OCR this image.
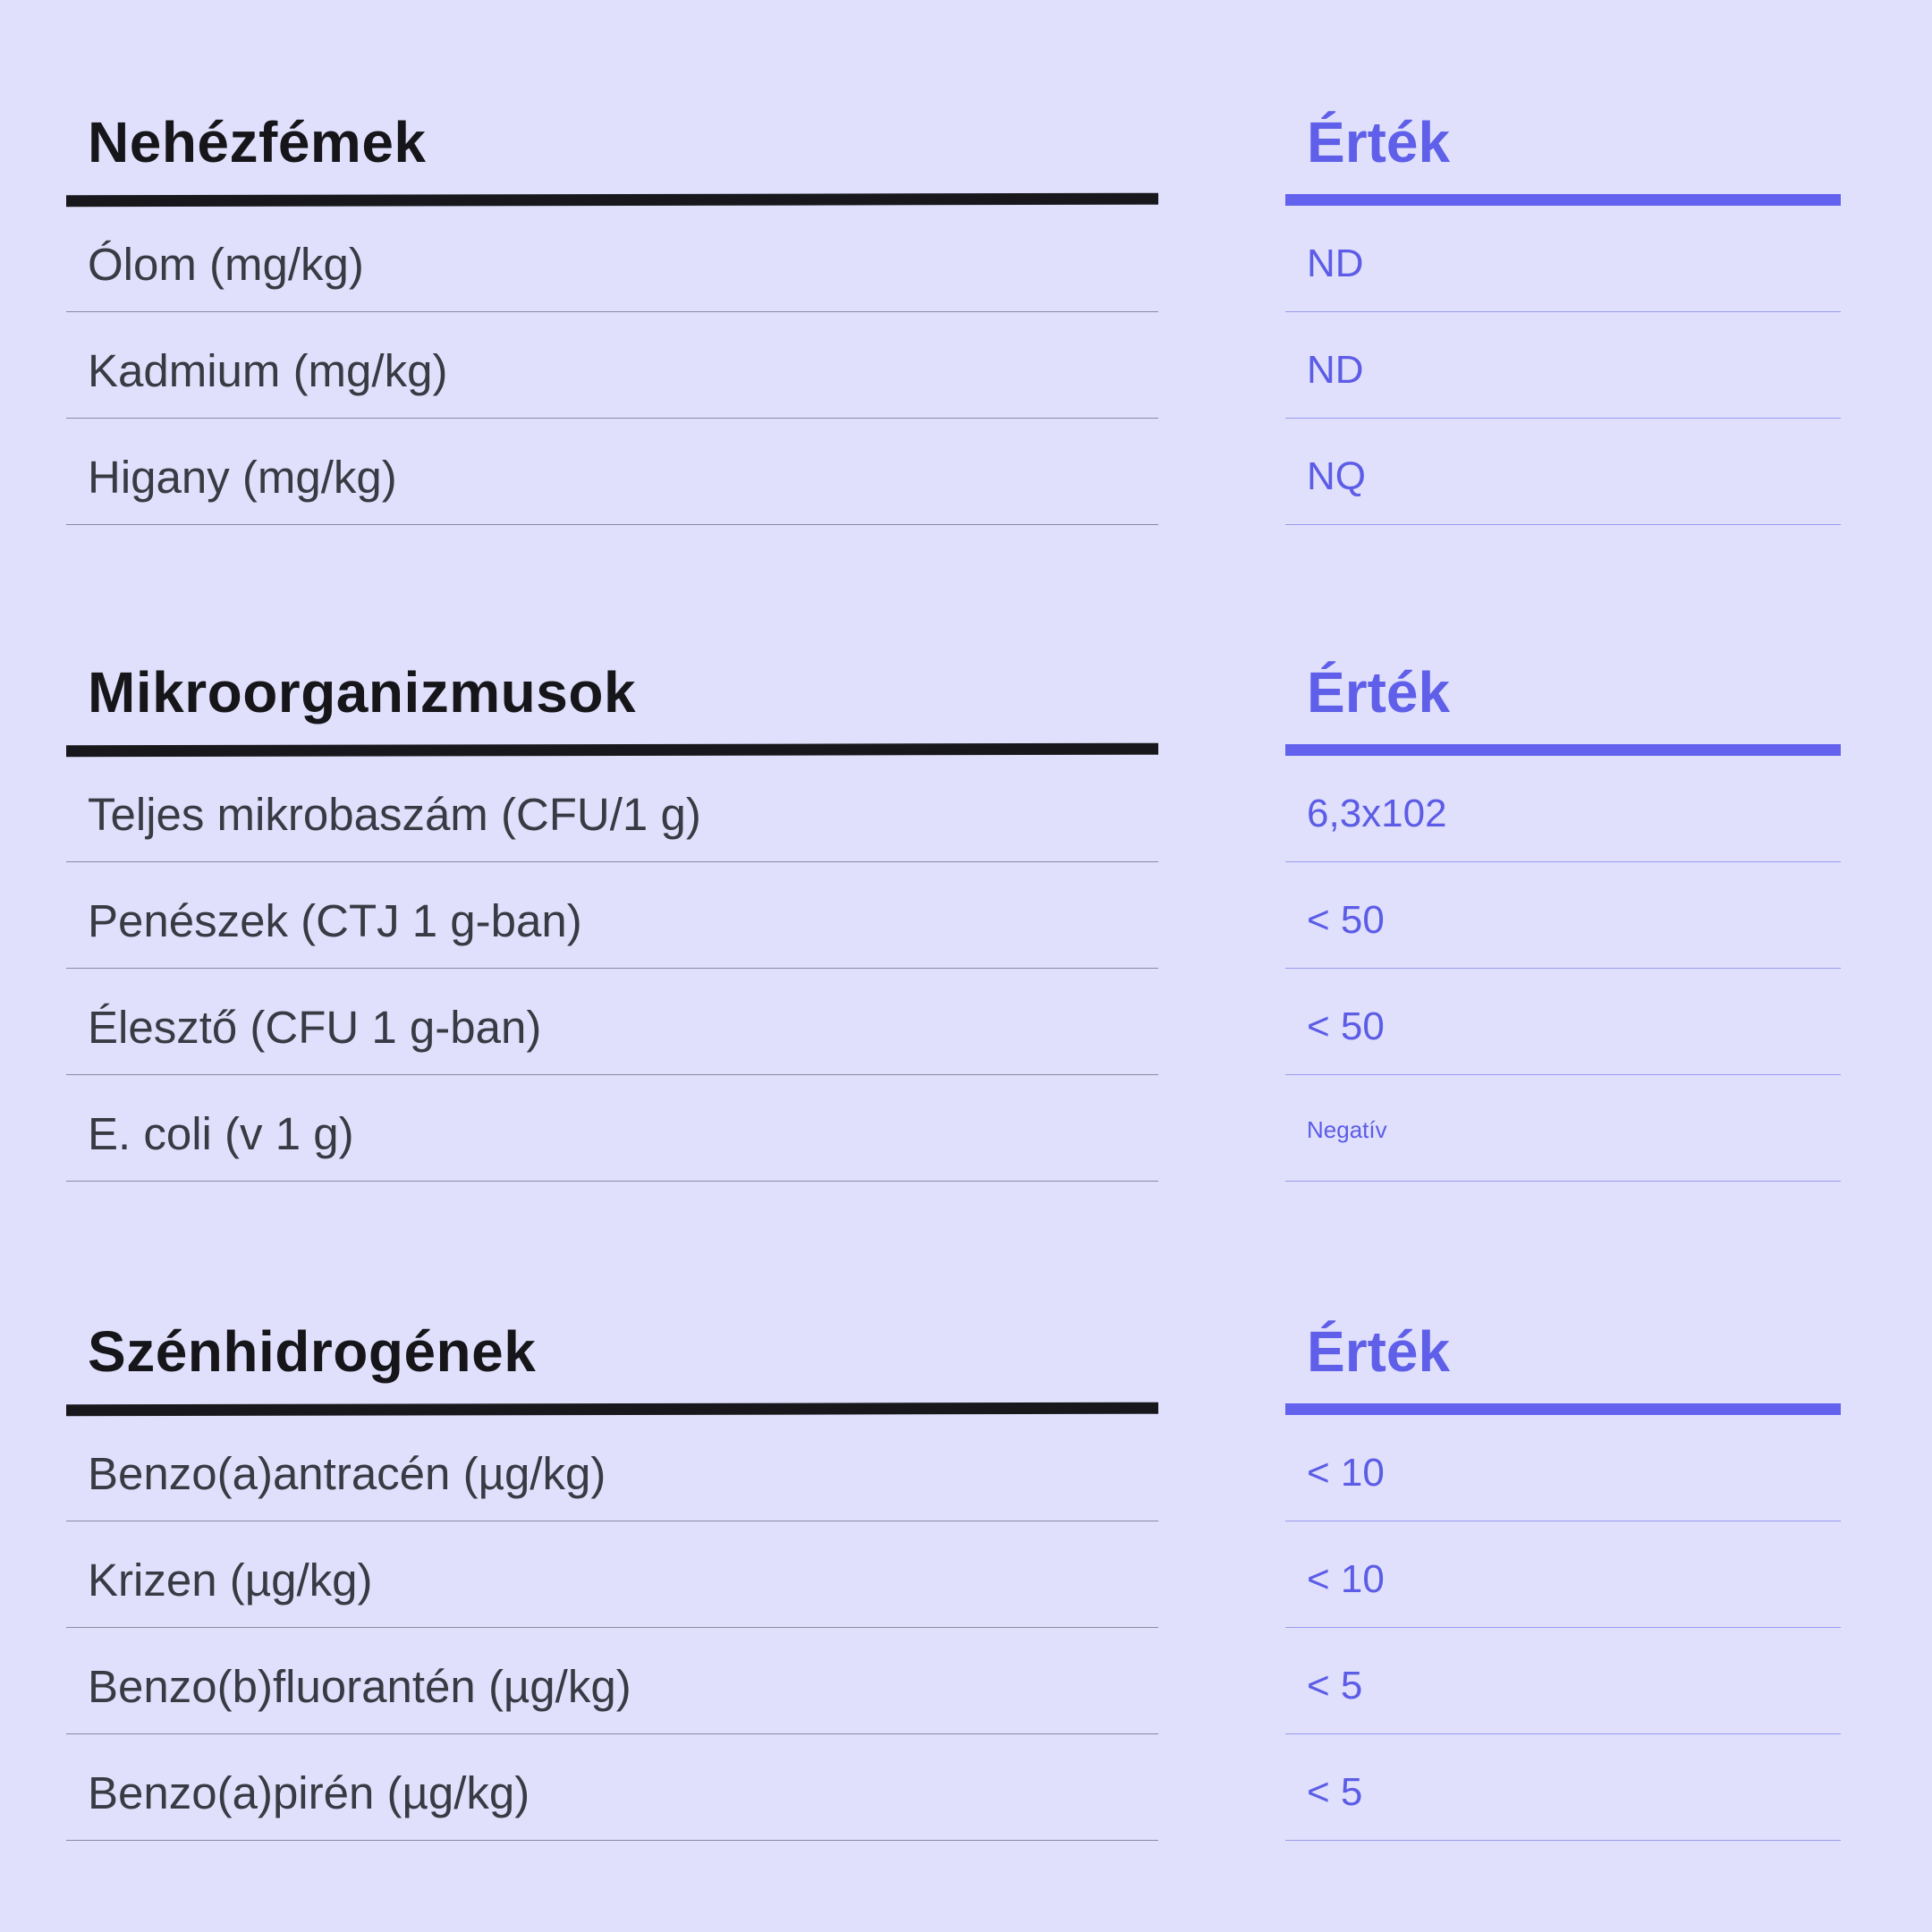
Nehézfémek
Ólom (mg/kg)
Kadmium (mg/kg)
Higany (mg/kg)
Érték
ND
ND
NQ
Mikroorganizmusok
Teljes mikrobaszám (CFU/1 g)
Penészek (CTJ 1 g-ban)
Élesztő (CFU 1 g-ban)
E. coli (v 1 g)
Érték
6,3x102
< 50
< 50
Negatív
Szénhidrogének
Benzo(a)antracén (µg/kg)
Krizen (µg/kg)
Benzo(b)fluorantén (µg/kg)
Benzo(a)pirén (µg/kg)
Érték
< 10
< 10
< 5
< 5
